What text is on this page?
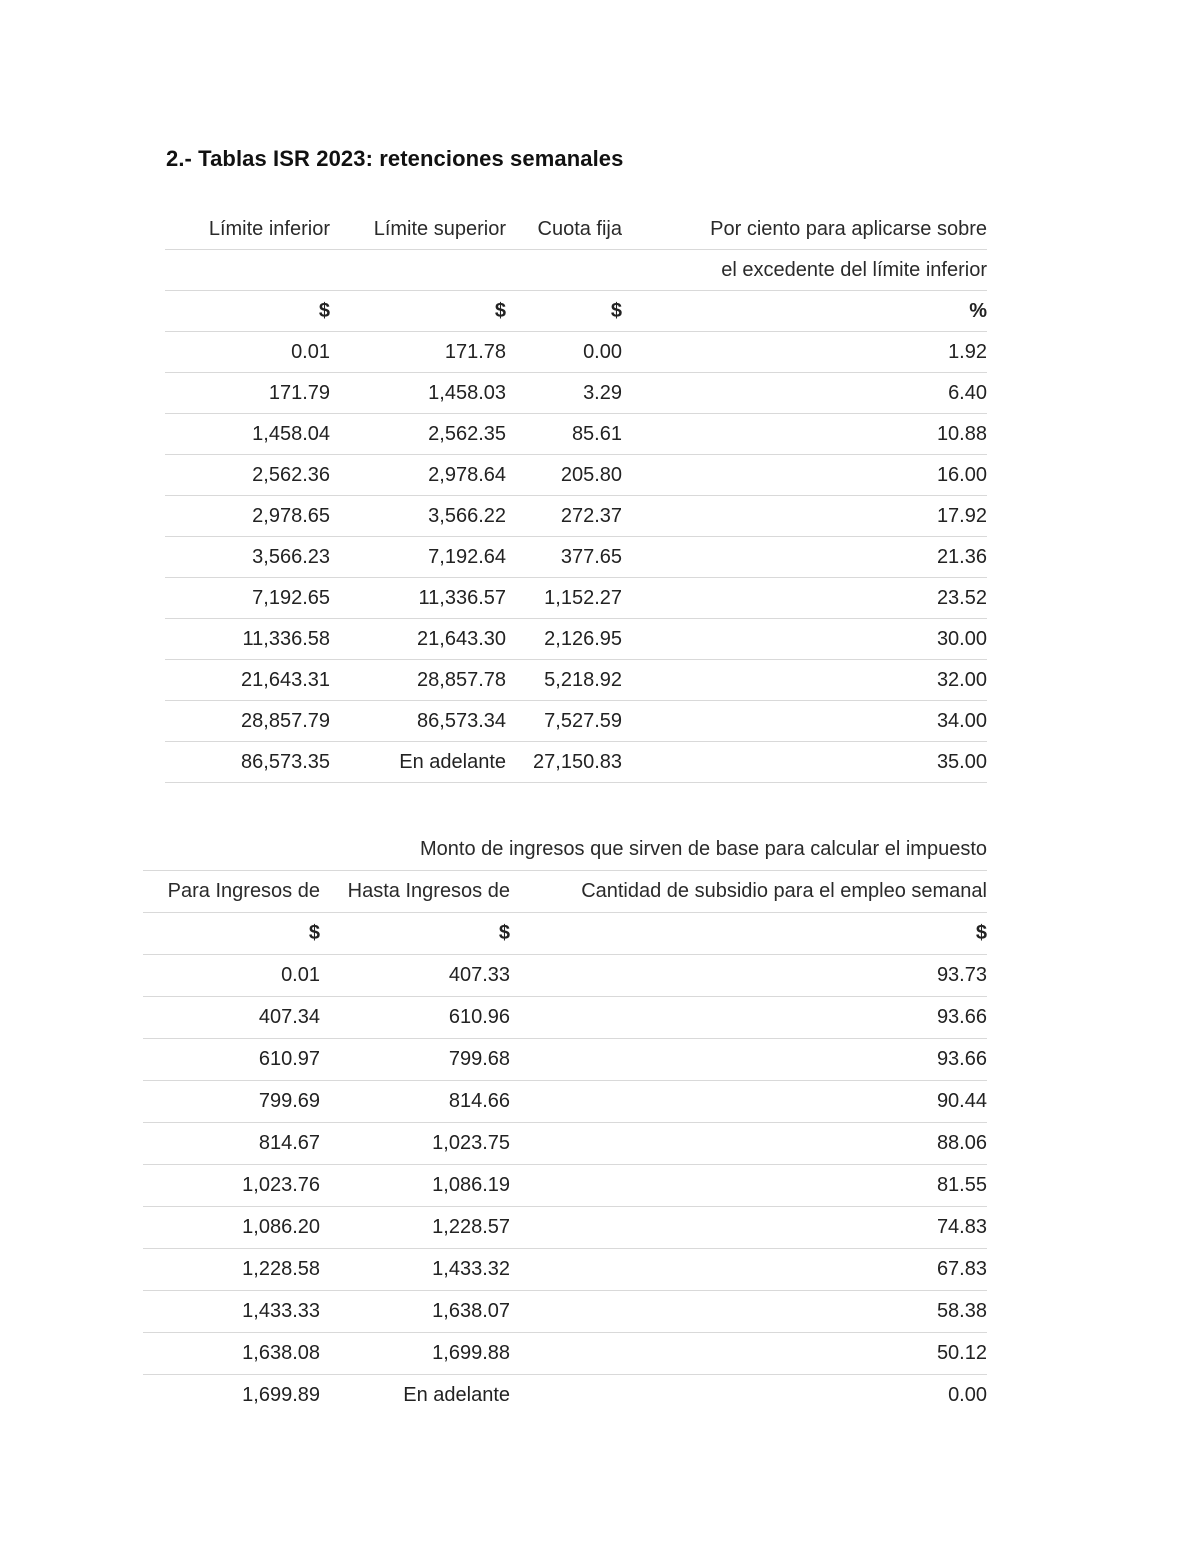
2.- Tablas ISR 2023: retenciones semanales
Límite inferior	Límite superior	Cuota fija	Por ciento para aplicarse sobre
			el excedente del límite inferior
$	$	$	%
0.01	171.78	0.00	1.92
171.79	1,458.03	3.29	6.40
1,458.04	2,562.35	85.61	10.88
2,562.36	2,978.64	205.80	16.00
2,978.65	3,566.22	272.37	17.92
3,566.23	7,192.64	377.65	21.36
7,192.65	11,336.57	1,152.27	23.52
11,336.58	21,643.30	2,126.95	30.00
21,643.31	28,857.78	5,218.92	32.00
28,857.79	86,573.34	7,527.59	34.00
86,573.35	En adelante	27,150.83	35.00
Monto de ingresos que sirven de base para calcular el impuesto		
Para Ingresos de	Hasta Ingresos de	Cantidad de subsidio para el empleo semanal
$	$	$
0.01	407.33	93.73
407.34	610.96	93.66
610.97	799.68	93.66
799.69	814.66	90.44
814.67	1,023.75	88.06
1,023.76	1,086.19	81.55
1,086.20	1,228.57	74.83
1,228.58	1,433.32	67.83
1,433.33	1,638.07	58.38
1,638.08	1,699.88	50.12
1,699.89	En adelante	0.00
